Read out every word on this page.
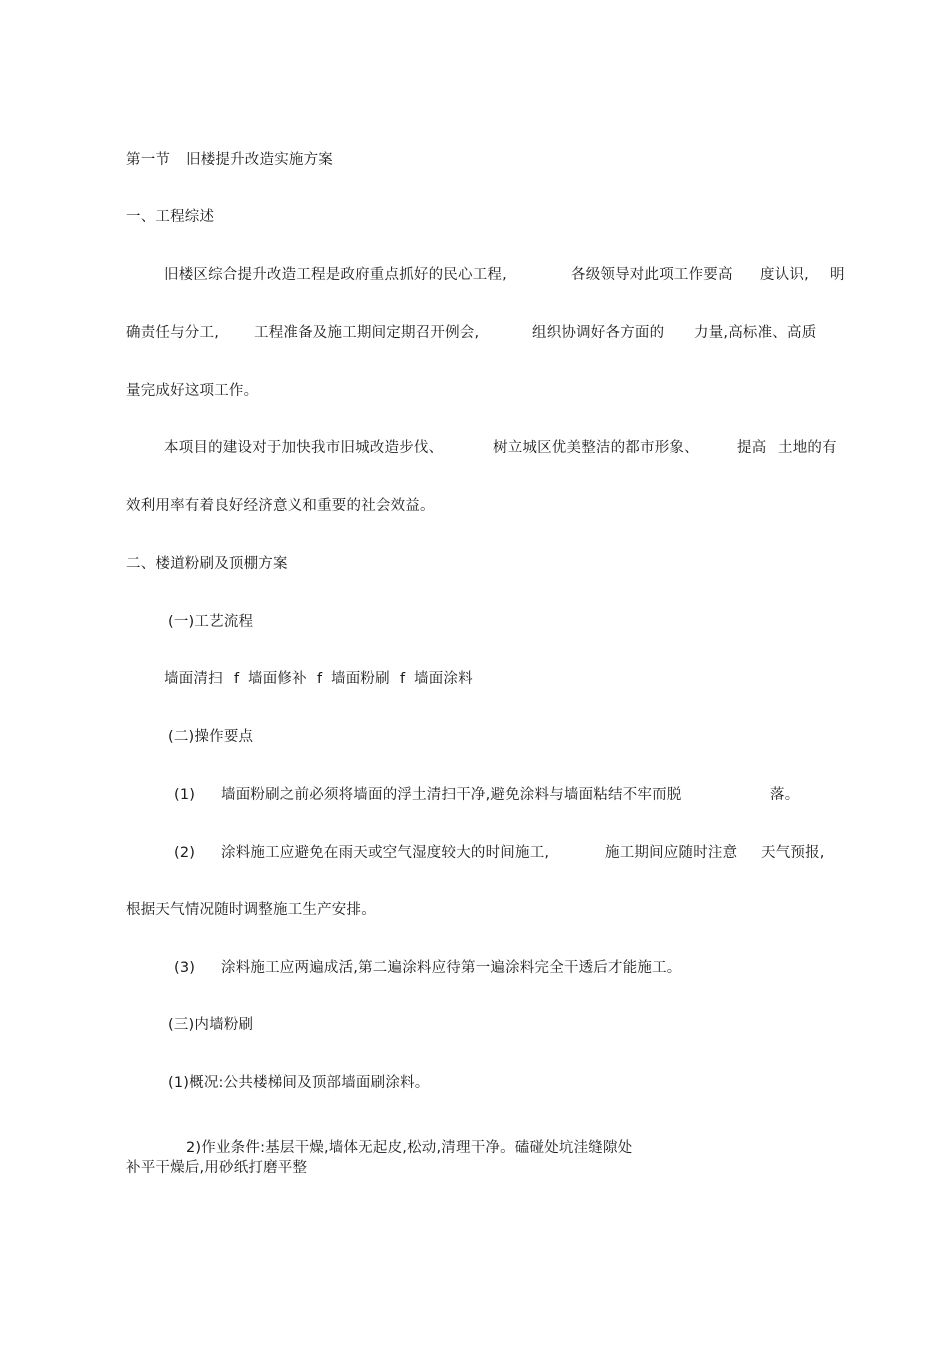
第一节 旧楼提升改造实施方案
一、工程综述
旧楼区综合提升改造工程是政府重点抓好的民心工程,	各级领导对此项工作要高 度认识, 明
确责任与分工, 工程准备及施工期间定期召开例会,	组织协调好各方面的 力量,高标准、高质
量完成好这项工作。
本项目的建设对于加快我市旧城改造步伐、	树立城区优美整洁的都市形象、	提高 土地的有
效利用率有着良好经济意义和重要的社会效益。
二、楼道粉刷及顶棚方案
(一)工艺流程
墙面清扫 f 墙面修补 f 墙面粉刷 f 墙面涂料
(二)操作要点
(1) 墙面粉刷之前必须将墙面的浮土清扫干净,避免涂料与墙面粘结不牢而脱	落。
(2) 涂料施工应避免在雨天或空气湿度较大的时间施工,	施工期间应随时注意 天气预报,
根据天气情况随时调整施工生产安排。
(3) 涂料施工应两遍成活,第二遍涂料应待第一遍涂料完全干透后才能施工。
(三)内墙粉刷
(1)概况:公共楼梯间及顶部墙面刷涂料。
2)作业条件:基层干燥,墙体无起皮,松动,清理干净。磕碰处坑洼缝隙处
补平干燥后,用砂纸打磨平整
